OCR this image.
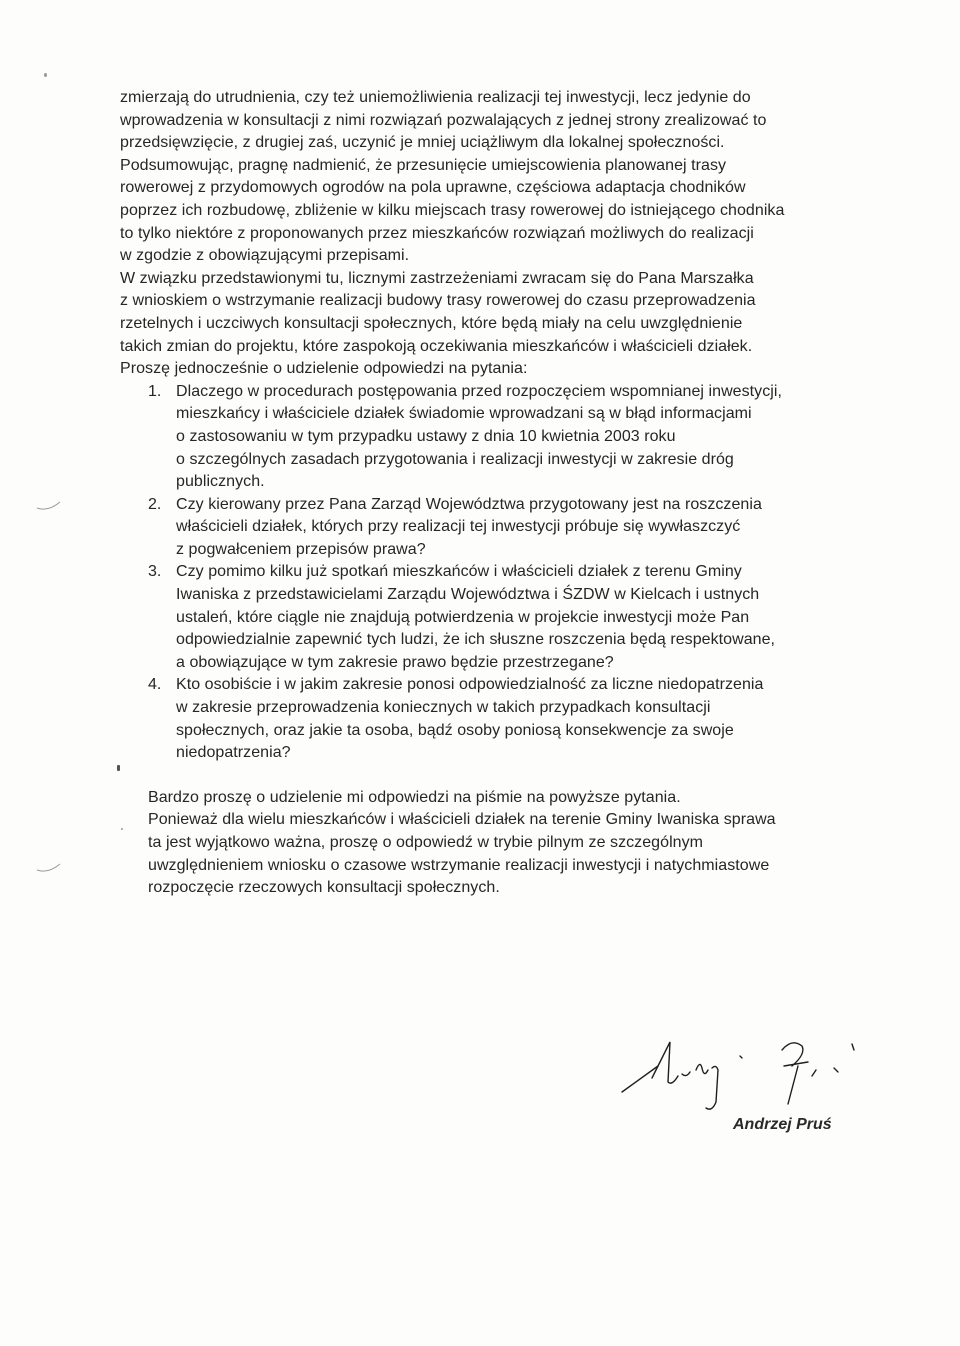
zmierzają do utrudnienia, czy też uniemożliwienia realizacji tej inwestycji, lecz jedynie do
wprowadzenia w konsultacji z nimi rozwiązań pozwalających z jednej strony zrealizować to
przedsięwzięcie, z drugiej zaś, uczynić je mniej uciążliwym dla lokalnej społeczności.
Podsumowując, pragnę nadmienić, że przesunięcie umiejscowienia planowanej trasy
rowerowej z przydomowych ogrodów na pola uprawne, częściowa adaptacja chodników
poprzez ich rozbudowę, zbliżenie w kilku miejscach trasy rowerowej do istniejącego chodnika
to tylko niektóre z proponowanych przez mieszkańców rozwiązań możliwych do realizacji
w zgodzie z obowiązującymi przepisami.
W związku przedstawionymi tu, licznymi zastrzeżeniami zwracam się do Pana Marszałka
z wnioskiem o wstrzymanie realizacji budowy trasy rowerowej do czasu przeprowadzenia
rzetelnych i uczciwych konsultacji społecznych, które będą miały na celu uwzględnienie
takich zmian do projektu, które zaspokoją oczekiwania mieszkańców i właścicieli działek.
Proszę jednocześnie o udzielenie odpowiedzi na pytania:
1. Dlaczego w procedurach postępowania przed rozpoczęciem wspomnianej inwestycji,
mieszkańcy i właściciele działek świadomie wprowadzani są w błąd informacjami
o zastosowaniu w tym przypadku ustawy z dnia 10 kwietnia 2003 roku
o szczególnych zasadach przygotowania i realizacji inwestycji w zakresie dróg
publicznych.
2. Czy kierowany przez Pana Zarząd Województwa przygotowany jest na roszczenia
właścicieli działek, których przy realizacji tej inwestycji próbuje się wywłaszczyć
z pogwałceniem przepisów prawa?
3. Czy pomimo kilku już spotkań mieszkańców i właścicieli działek z terenu Gminy
Iwaniska z przedstawicielami Zarządu Województwa i ŚZDW w Kielcach i ustnych
ustaleń, które ciągle nie znajdują potwierdzenia w projekcie inwestycji może Pan
odpowiedzialnie zapewnić tych ludzi, że ich słuszne roszczenia będą respektowane,
a obowiązujące w tym zakresie prawo będzie przestrzegane?
4. Kto osobiście i w jakim zakresie ponosi odpowiedzialność za liczne niedopatrzenia
w zakresie przeprowadzenia koniecznych w takich przypadkach konsultacji
społecznych, oraz jakie ta osoba, bądź osoby poniosą konsekwencje za swoje
niedopatrzenia?
Bardzo proszę o udzielenie mi odpowiedzi na piśmie na powyższe pytania.
Ponieważ dla wielu mieszkańców i właścicieli działek na terenie Gminy Iwaniska sprawa
ta jest wyjątkowo ważna, proszę o odpowiedź w trybie pilnym ze szczególnym
uwzględnieniem wniosku o czasowe wstrzymanie realizacji inwestycji i natychmiastowe
rozpoczęcie rzeczowych konsultacji społecznych.
Andrzej Pruś
